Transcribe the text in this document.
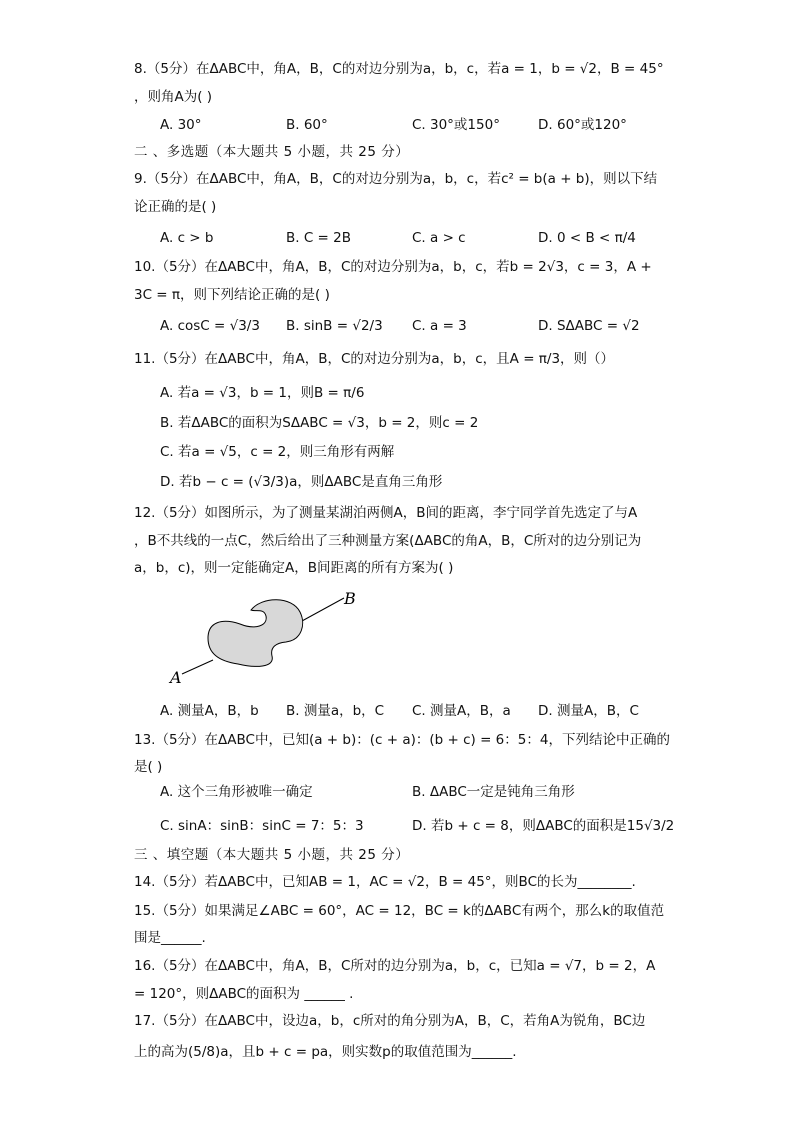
8.（5分）在ΔABC中，角A，B，C的对边分别为a，b，c，若a = 1，b = √2，B = 45°
，则角A为( )
A. 30°	B. 60°	C. 30°或150°	D. 60°或120°
二 、多选题（本大题共 5 小题，共 25 分）
9.（5分）在ΔABC中，角A，B，C的对边分别为a，b，c，若c² = b(a + b)，则以下结
论正确的是( )
A. c > b	B. C = 2B	C. a > c	D. 0 < B < π/4
10.（5分）在ΔABC中，角A，B，C的对边分别为a，b，c，若b = 2√3，c = 3，A +
3C = π，则下列结论正确的是( )
A. cosC = √3/3 B. sinB = √2/3 C. a = 3	D. SΔABC = √2
11.（5分）在ΔABC中，角A，B，C的对边分别为a，b，c，且A = π/3，则（）
A. 若a = √3，b = 1，则B = π/6
B. 若ΔABC的面积为SΔABC = √3，b = 2，则c = 2
C. 若a = √5，c = 2，则三角形有两解
D. 若b − c = (√3/3)a，则ΔABC是直角三角形
12.（5分）如图所示，为了测量某湖泊两侧A，B间的距离，李宁同学首先选定了与A
，B不共线的一点C，然后给出了三种测量方案(ΔABC的角A，B，C所对的边分别记为
a，b，c)，则一定能确定A，B间距离的所有方案为( )
A
B
A. 测量A，B，b B. 测量a，b，C C. 测量A，B，a D. 测量A，B，C
13.（5分）在ΔABC中，已知(a + b)：(c + a)：(b + c) = 6：5：4，下列结论中正确的
是( )
A. 这个三角形被唯一确定	B. ΔABC一定是钝角三角形
C. sinA：sinB：sinC = 7：5：3	D. 若b + c = 8，则ΔABC的面积是15√3/2
三 、填空题（本大题共 5 小题，共 25 分）
14.（5分）若ΔABC中，已知AB = 1，AC = √2，B = 45°，则BC的长为________.
15.（5分）如果满足∠ABC = 60°，AC = 12，BC = k的ΔABC有两个，那么k的取值范
围是______.
16.（5分）在ΔABC中，角A，B，C所对的边分别为a，b，c，已知a = √7，b = 2，A
= 120°，则ΔABC的面积为 ______ .
17.（5分）在ΔABC中，设边a，b，c所对的角分别为A，B，C，若角A为锐角，BC边
上的高为(5/8)a，且b + c = pa，则实数p的取值范围为______.
